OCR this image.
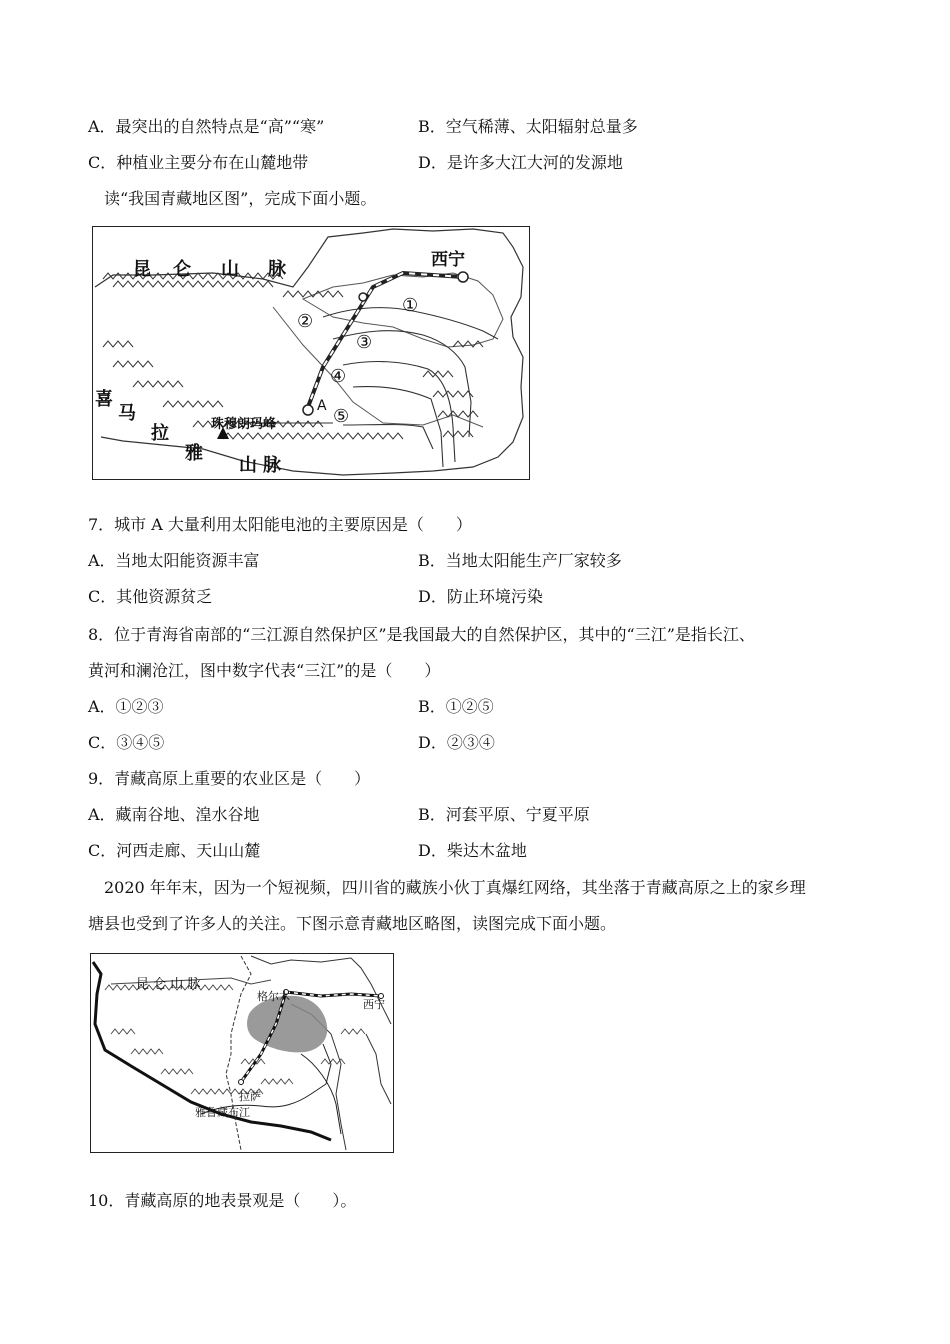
A．最突出的自然特点是“高”“寒”	B．空气稀薄、太阳辐射总量多
C．种植业主要分布在山麓地带	D．是许多大江大河的发源地
读“我国青藏地区图”，完成下面小题。
西宁
昆 仑 山 脉
喜
马
拉
雅
山 脉
珠穆朗玛峰
A
①
②
③
④
⑤
7．城市 A 大量利用太阳能电池的主要原因是（　　）
A．当地太阳能资源丰富	B．当地太阳能生产厂家较多
C．其他资源贫乏	D．防止环境污染
8．位于青海省南部的“三江源自然保护区”是我国最大的自然保护区，其中的“三江”是指长江、
黄河和澜沧江，图中数字代表“三江”的是（　　）
A．①②③	B．①②⑤
C．③④⑤	D．②③④
9．青藏高原上重要的农业区是（　　）
A．藏南谷地、湟水谷地	B．河套平原、宁夏平原
C．河西走廊、天山山麓	D．柴达木盆地
2020 年年末，因为一个短视频，四川省的藏族小伙丁真爆红网络，其坐落于青藏高原之上的家乡理
塘县也受到了许多人的关注。下图示意青藏地区略图，读图完成下面小题。
昆 仑 山 脉
格尔木
西宁
拉萨
雅鲁藏布江
10．青藏高原的地表景观是（　　）。
